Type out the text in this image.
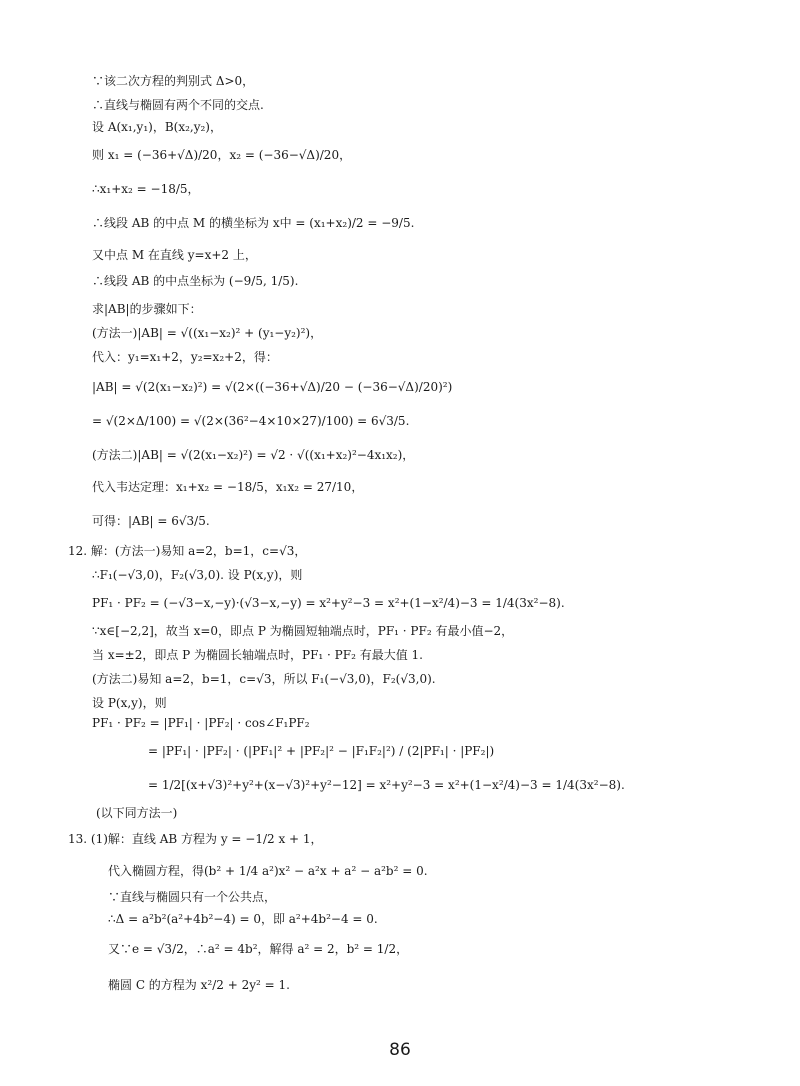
∵该二次方程的判别式 Δ>0，
∴直线与椭圆有两个不同的交点.
设 A(x₁,y₁)，B(x₂,y₂)，
则 x₁ = (−36+√Δ)/20，x₂ = (−36−√Δ)/20，
∴x₁+x₂ = −18/5，
∴线段 AB 的中点 M 的横坐标为 x中 = (x₁+x₂)/2 = −9/5.
又中点 M 在直线 y=x+2 上，
∴线段 AB 的中点坐标为 (−9/5, 1/5).
求|AB|的步骤如下：
(方法一)|AB| = √((x₁−x₂)² + (y₁−y₂)²)，
代入：y₁=x₁+2，y₂=x₂+2，得：
|AB| = √(2(x₁−x₂)²) = √(2×((−36+√Δ)/20 − (−36−√Δ)/20)²)
= √(2×Δ/100) = √(2×(36²−4×10×27)/100) = 6√3/5.
(方法二)|AB| = √(2(x₁−x₂)²) = √2 · √((x₁+x₂)²−4x₁x₂)，
代入韦达定理：x₁+x₂ = −18/5，x₁x₂ = 27/10，
可得：|AB| = 6√3/5.
12. 解：(方法一)易知 a=2，b=1，c=√3，
∴F₁(−√3,0)，F₂(√3,0). 设 P(x,y)，则
PF₁ · PF₂ = (−√3−x,−y)·(√3−x,−y) = x²+y²−3 = x²+(1−x²/4)−3 = 1/4(3x²−8).
∵x∈[−2,2]，故当 x=0，即点 P 为椭圆短轴端点时，PF₁ · PF₂ 有最小值−2，
当 x=±2，即点 P 为椭圆长轴端点时，PF₁ · PF₂ 有最大值 1.
(方法二)易知 a=2，b=1，c=√3，所以 F₁(−√3,0)，F₂(√3,0).
设 P(x,y)，则
PF₁ · PF₂ = |PF₁| · |PF₂| · cos∠F₁PF₂
= |PF₁| · |PF₂| · (|PF₁|² + |PF₂|² − |F₁F₂|²) / (2|PF₁| · |PF₂|)
= 1/2[(x+√3)²+y²+(x−√3)²+y²−12] = x²+y²−3 = x²+(1−x²/4)−3 = 1/4(3x²−8).
(以下同方法一)
13. (1)解：直线 AB 方程为 y = −1/2 x + 1，
代入椭圆方程，得(b² + 1/4 a²)x² − a²x + a² − a²b² = 0.
∵直线与椭圆只有一个公共点，
∴Δ = a²b²(a²+4b²−4) = 0，即 a²+4b²−4 = 0.
又∵e = √3/2，∴a² = 4b²，解得 a² = 2，b² = 1/2，
椭圆 C 的方程为 x²/2 + 2y² = 1.
86
